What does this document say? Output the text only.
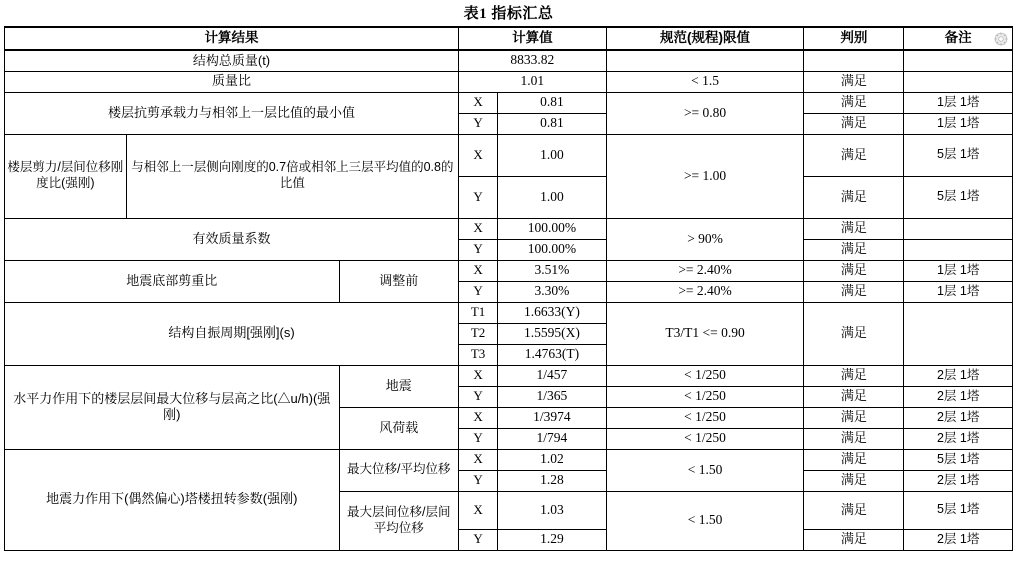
表1 指标汇总
计算结果			计算值		规范(规程)限值	判别	备注

结构总质量(t)			8833.82				
质量比			1.01		< 1.5	满足	
楼层抗剪承载力与相邻上一层比值的最小值			X	0.81	>= 0.80	满足	1层 1塔
			Y	0.81		满足	1层 1塔
楼层剪力/层间位移刚度比(强刚)	与相邻上一层侧向刚度的0.7倍或相邻上三层平均值的0.8的比值		X	1.00	>= 1.00	满足	5层 1塔
			Y	1.00		满足	5层 1塔
有效质量系数			X	100.00%	> 90%	满足	
			Y	100.00%		满足	
地震底部剪重比		调整前	X	3.51%	>= 2.40%	满足	1层 1塔
			Y	3.30%	>= 2.40%	满足	1层 1塔
结构自振周期[强刚](s)			T1	1.6633(Y)	T3/T1 <= 0.90	满足	
			T2	1.5595(X)			
			T3	1.4763(T)			
水平力作用下的楼层层间最大位移与层高之比(△u/h)(强刚)		地震	X	1/457	< 1/250	满足	2层 1塔
			Y	1/365	< 1/250	满足	2层 1塔
		风荷载	X	1/3974	< 1/250	满足	2层 1塔
			Y	1/794	< 1/250	满足	2层 1塔
地震力作用下(偶然偏心)塔楼扭转参数(强刚)		最大位移/平均位移	X	1.02	< 1.50	满足	5层 1塔
			Y	1.28		满足	2层 1塔
		最大层间位移/层间平均位移	X	1.03	< 1.50	满足	5层 1塔
			Y	1.29		满足	2层 1塔
